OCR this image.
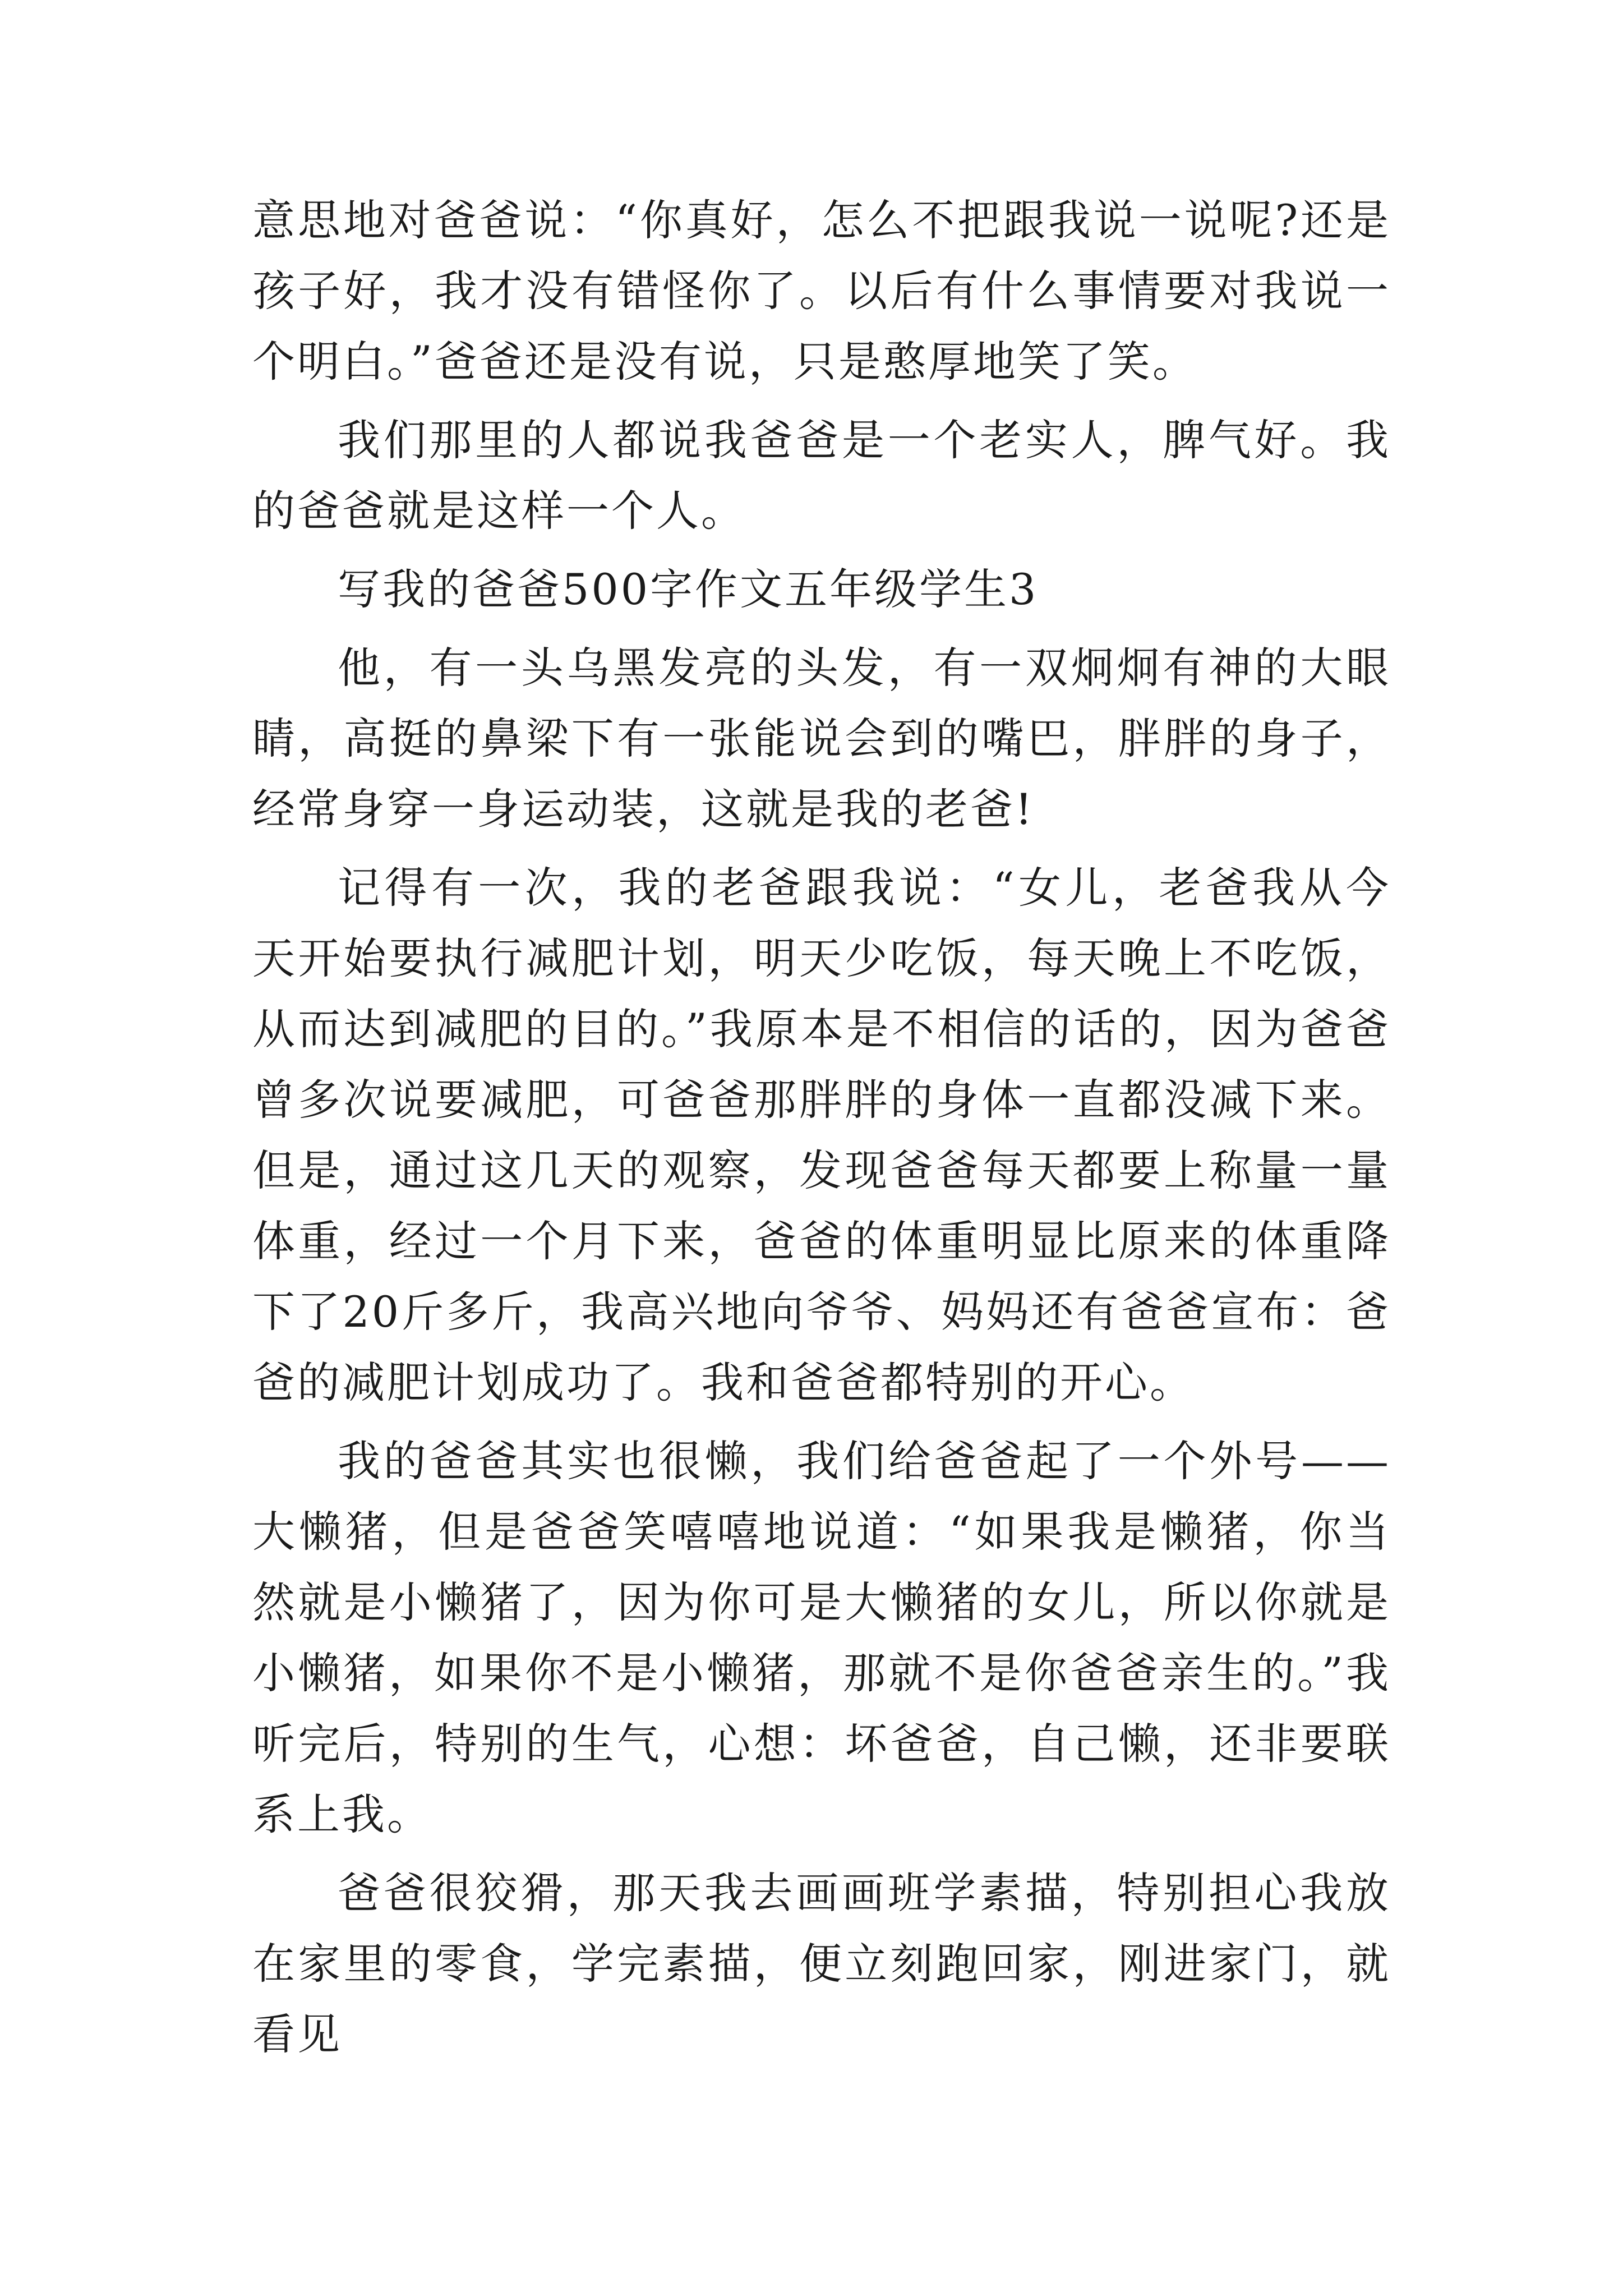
意思地对爸爸说：“你真好，怎么不把跟我说一说呢?还是孩子好，我才没有错怪你了。以后有什么事情要对我说一个明白。”爸爸还是没有说，只是憨厚地笑了笑。

我们那里的人都说我爸爸是一个老实人，脾气好。我的爸爸就是这样一个人。

写我的爸爸500字作文五年级学生3

他，有一头乌黑发亮的头发，有一双炯炯有神的大眼睛，高挺的鼻梁下有一张能说会到的嘴巴，胖胖的身子，经常身穿一身运动装，这就是我的老爸!

记得有一次，我的老爸跟我说：“女儿，老爸我从今天开始要执行减肥计划，明天少吃饭，每天晚上不吃饭，从而达到减肥的目的。”我原本是不相信的话的，因为爸爸曾多次说要减肥，可爸爸那胖胖的身体一直都没减下来。但是，通过这几天的观察，发现爸爸每天都要上称量一量体重，经过一个月下来，爸爸的体重明显比原来的体重降下了20斤多斤，我高兴地向爷爷、妈妈还有爸爸宣布：爸爸的减肥计划成功了。我和爸爸都特别的开心。

我的爸爸其实也很懒，我们给爸爸起了一个外号——大懒猪，但是爸爸笑嘻嘻地说道：“如果我是懒猪，你当然就是小懒猪了，因为你可是大懒猪的女儿，所以你就是小懒猪，如果你不是小懒猪，那就不是你爸爸亲生的。”我听完后，特别的生气，心想：坏爸爸，自己懒，还非要联系上我。

爸爸很狡猾，那天我去画画班学素描，特别担心我放在家里的零食，学完素描，便立刻跑回家，刚进家门，就看见
